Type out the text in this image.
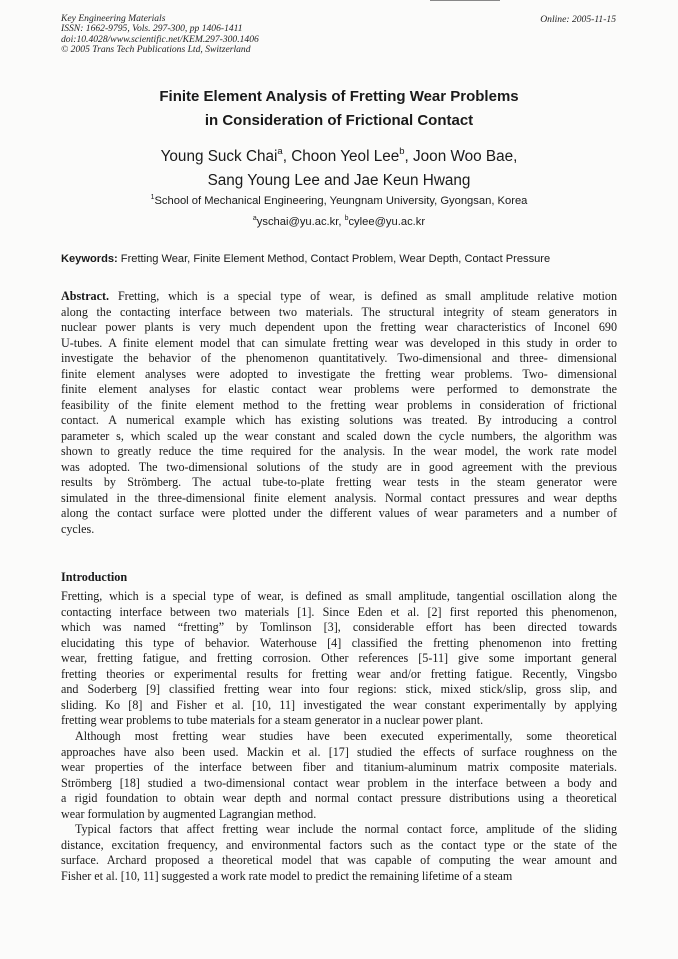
Key Engineering Materials
ISSN: 1662-9795, Vols. 297-300, pp 1406-1411
doi:10.4028/www.scientific.net/KEM.297-300.1406
© 2005 Trans Tech Publications Ltd, Switzerland
Online: 2005-11-15
Finite Element Analysis of Fretting Wear Problems
in Consideration of Frictional Contact
Young Suck Chai$^a$, Choon Yeol Lee$^b$, Joon Woo Bae,
Sang Young Lee and Jae Keun Hwang
$^1$School of Mechanical Engineering, Yeungnam University, Gyongsan, Korea
$^a$yschai@yu.ac.kr, $^b$cylee@yu.ac.kr
Keywords: Fretting Wear, Finite Element Method, Contact Problem, Wear Depth, Contact Pressure
Abstract. Fretting, which is a special type of wear, is defined as small amplitude relative motion
along the contacting interface between two materials. The structural integrity of steam generators in
nuclear power plants is very much dependent upon the fretting wear characteristics of Inconel 690
U-tubes. A finite element model that can simulate fretting wear was developed in this study in order to
investigate the behavior of the phenomenon quantitatively. Two-dimensional and three- dimensional
finite element analyses were adopted to investigate the fretting wear problems. Two- dimensional
finite element analyses for elastic contact wear problems were performed to demonstrate the
feasibility of the finite element method to the fretting wear problems in consideration of frictional
contact. A numerical example which has existing solutions was treated. By introducing a control
parameter s, which scaled up the wear constant and scaled down the cycle numbers, the algorithm was
shown to greatly reduce the time required for the analysis. In the wear model, the work rate model
was adopted. The two-dimensional solutions of the study are in good agreement with the previous
results by Strömberg. The actual tube-to-plate fretting wear tests in the steam generator were
simulated in the three-dimensional finite element analysis. Normal contact pressures and wear depths
along the contact surface were plotted under the different values of wear parameters and a number of
cycles.
Introduction
Fretting, which is a special type of wear, is defined as small amplitude, tangential oscillation along the
contacting interface between two materials [1]. Since Eden et al. [2] first reported this phenomenon,
which was named “fretting” by Tomlinson [3], considerable effort has been directed towards
elucidating this type of behavior. Waterhouse [4] classified the fretting phenomenon into fretting
wear, fretting fatigue, and fretting corrosion. Other references [5-11] give some important general
fretting theories or experimental results for fretting wear and/or fretting fatigue. Recently, Vingsbo
and Soderberg [9] classified fretting wear into four regions: stick, mixed stick/slip, gross slip, and
sliding. Ko [8] and Fisher et al. [10, 11] investigated the wear constant experimentally by applying
fretting wear problems to tube materials for a steam generator in a nuclear power plant.
Although most fretting wear studies have been executed experimentally, some theoretical
approaches have also been used. Mackin et al. [17] studied the effects of surface roughness on the
wear properties of the interface between fiber and titanium-aluminum matrix composite materials.
Strömberg [18] studied a two-dimensional contact wear problem in the interface between a body and
a rigid foundation to obtain wear depth and normal contact pressure distributions using a theoretical
wear formulation by augmented Lagrangian method.
Typical factors that affect fretting wear include the normal contact force, amplitude of the sliding
distance, excitation frequency, and environmental factors such as the contact type or the state of the
surface. Archard proposed a theoretical model that was capable of computing the wear amount and
Fisher et al. [10, 11] suggested a work rate model to predict the remaining lifetime of a steam
